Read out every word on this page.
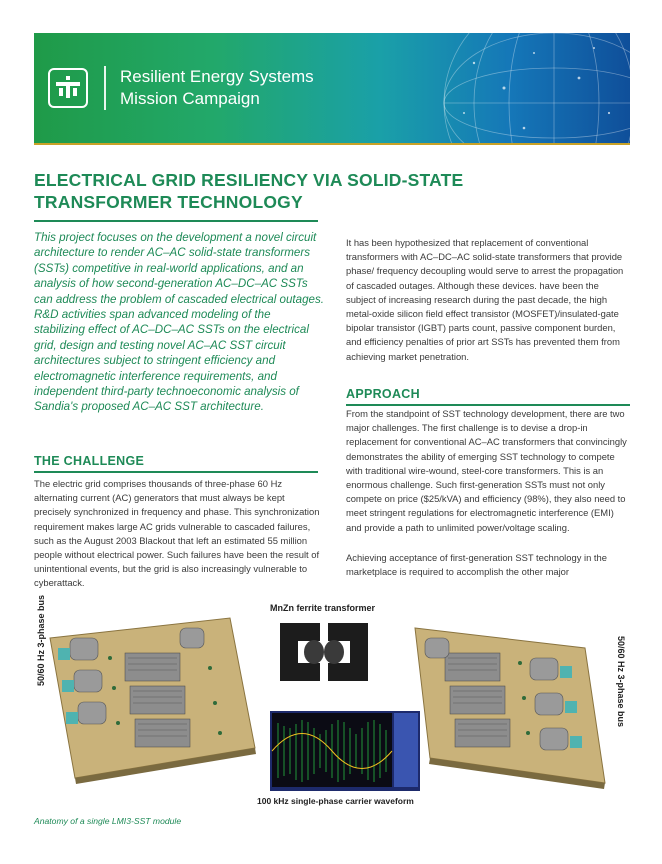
Resilient Energy Systems
Mission Campaign
ELECTRICAL GRID RESILIENCY VIA SOLID-STATE TRANSFORMER TECHNOLOGY
This project focuses on the development a novel circuit architecture to render AC–AC solid-state transformers (SSTs) competitive in real-world applications, and an analysis of how second-generation AC–DC–AC SSTs can address the problem of cascaded electrical outages. R&D activities span advanced modeling of the stabilizing effect of AC–DC–AC SSTs on the electrical grid, design and testing novel AC–AC SST circuit architectures subject to stringent efficiency and electromagnetic interference requirements, and independent third-party technoeconomic analysis of Sandia's proposed AC–AC SST architecture.
THE CHALLENGE
The electric grid comprises thousands of three-phase 60 Hz alternating current (AC) generators that must always be kept precisely synchronized in frequency and phase. This synchronization requirement makes large AC grids vulnerable to cascaded failures, such as the August 2003 Blackout that left an estimated 55 million people without electrical power. Such failures have been the result of unintentional events, but the grid is also increasingly vulnerable to cyberattack.
It has been hypothesized that replacement of conventional transformers with AC–DC–AC solid-state transformers that provide phase/ frequency decoupling would serve to arrest the propagation of cascaded outages. Although these devices. have been the subject of increasing research during the past decade, the high metal-oxide silicon field effect transistor (MOSFET)/insulated-gate bipolar transistor (IGBT) parts count, passive component burden, and efficiency penalties of prior art SSTs has prevented them from achieving market penetration.
APPROACH
From the standpoint of SST technology development, there are two major challenges. The first challenge is to devise a drop-in replacement for conventional AC–AC transformers that convincingly demonstrates the ability of emerging SST technology to compete with traditional wire-wound, steel-core transformers. This is an enormous challenge. Such first-generation SSTs must not only compete on price ($25/kVA) and efficiency (98%), they also need to meet stringent regulations for electromagnetic interference (EMI) and provide a path to unlimited power/voltage scaling.
Achieving acceptance of first-generation SST technology in the marketplace is required to accomplish the other major
MnZn ferrite transformer
50/60 Hz 3-phase bus	50/60 Hz 3-phase bus
100 kHz single-phase carrier waveform
Anatomy of a single LMI3-SST module
